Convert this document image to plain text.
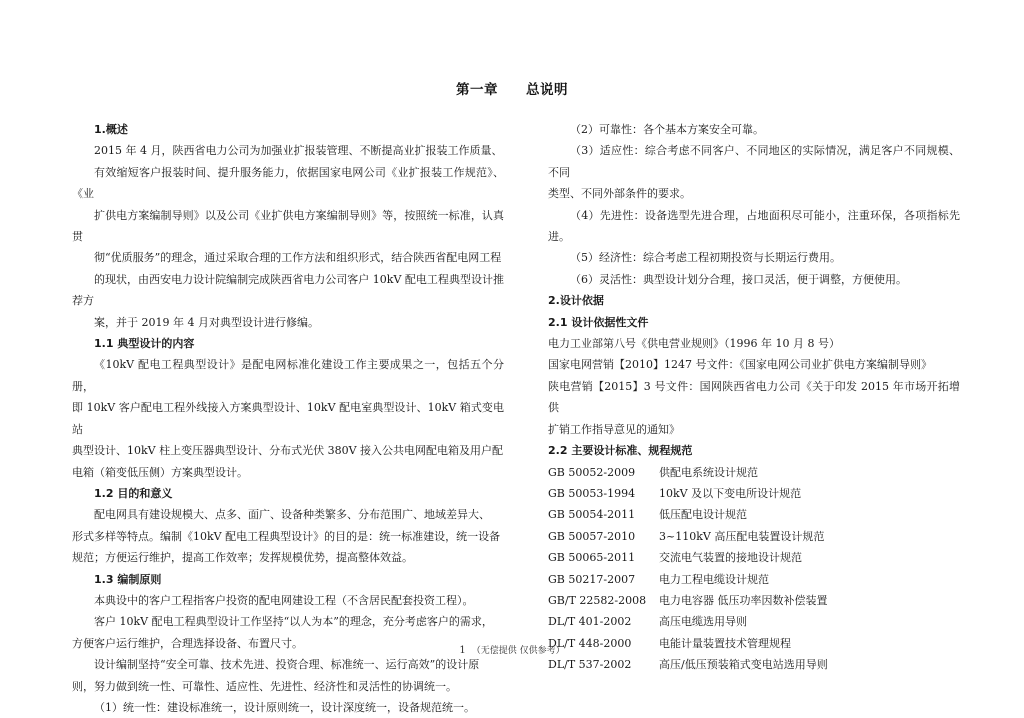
第一章 总说明

1.概述

2015 年 4 月，陕西省电力公司为加强业扩报装管理、不断提高业扩报装工作质量、

有效缩短客户报装时间、提升服务能力，依据国家电网公司《业扩报装工作规范》、《业

扩供电方案编制导则》以及公司《业扩供电方案编制导则》等，按照统一标准，认真贯

彻“优质服务”的理念，通过采取合理的工作方法和组织形式，结合陕西省配电网工程

的现状，由西安电力设计院编制完成陕西省电力公司客户 10kV 配电工程典型设计推荐方

案，并于 2019 年 4 月对典型设计进行修编。

1.1 典型设计的内容

《10kV 配电工程典型设计》是配电网标准化建设工作主要成果之一，包括五个分册，

即 10kV 客户配电工程外线接入方案典型设计、10kV 配电室典型设计、10kV 箱式变电站

典型设计、10kV 柱上变压器典型设计、分布式光伏 380V 接入公共电网配电箱及用户配

电箱（箱变低压侧）方案典型设计。

1.2 目的和意义

配电网具有建设规模大、点多、面广、设备种类繁多、分布范围广、地域差异大、

形式多样等特点。编制《10kV 配电工程典型设计》的目的是：统一标准建设，统一设备

规范；方便运行维护，提高工作效率；发挥规模优势，提高整体效益。

1.3 编制原则

本典设中的客户工程指客户投资的配电网建设工程（不含居民配套投资工程）。

客户 10kV 配电工程典型设计工作坚持“以人为本”的理念，充分考虑客户的需求，

方便客户运行维护，合理选择设备、布置尺寸。

设计编制坚持“安全可靠、技术先进、投资合理、标准统一、运行高效”的设计原

则，努力做到统一性、可靠性、适应性、先进性、经济性和灵活性的协调统一。

（1）统一性：建设标准统一，设计原则统一，设计深度统一，设备规范统一。

（2）可靠性：各个基本方案安全可靠。

（3）适应性：综合考虑不同客户、不同地区的实际情况，满足客户不同规模、不同

类型、不同外部条件的要求。

（4）先进性：设备选型先进合理，占地面积尽可能小，注重环保，各项指标先进。

（5）经济性：综合考虑工程初期投资与长期运行费用。

（6）灵活性：典型设计划分合理，接口灵活，便于调整，方便使用。

2.设计依据

2.1 设计依据性文件

电力工业部第八号《供电营业规则》（1996 年 10 月 8 号）

国家电网营销【2010】1247 号文件：《国家电网公司业扩供电方案编制导则》

陕电营销【2015】3 号文件：国网陕西省电力公司《关于印发 2015 年市场开拓增供

扩销工作指导意见的通知》

2.2 主要设计标准、规程规范

GB 50052-2009	供配电系统设计规范
GB 50053-1994	10kV 及以下变电所设计规范
GB 50054-2011	低压配电设计规范
GB 50057-2010	3~110kV 高压配电装置设计规范
GB 50065-2011	交流电气装置的接地设计规范
GB 50217-2007	电力工程电缆设计规范
GB/T 22582-2008	电力电容器 低压功率因数补偿装置
DL/T 401-2002	高压电缆选用导则
DL/T 448-2000	电能计量装置技术管理规程
DL/T 537-2002	高压/低压预装箱式变电站选用导则
1 （无偿提供 仅供参考）
